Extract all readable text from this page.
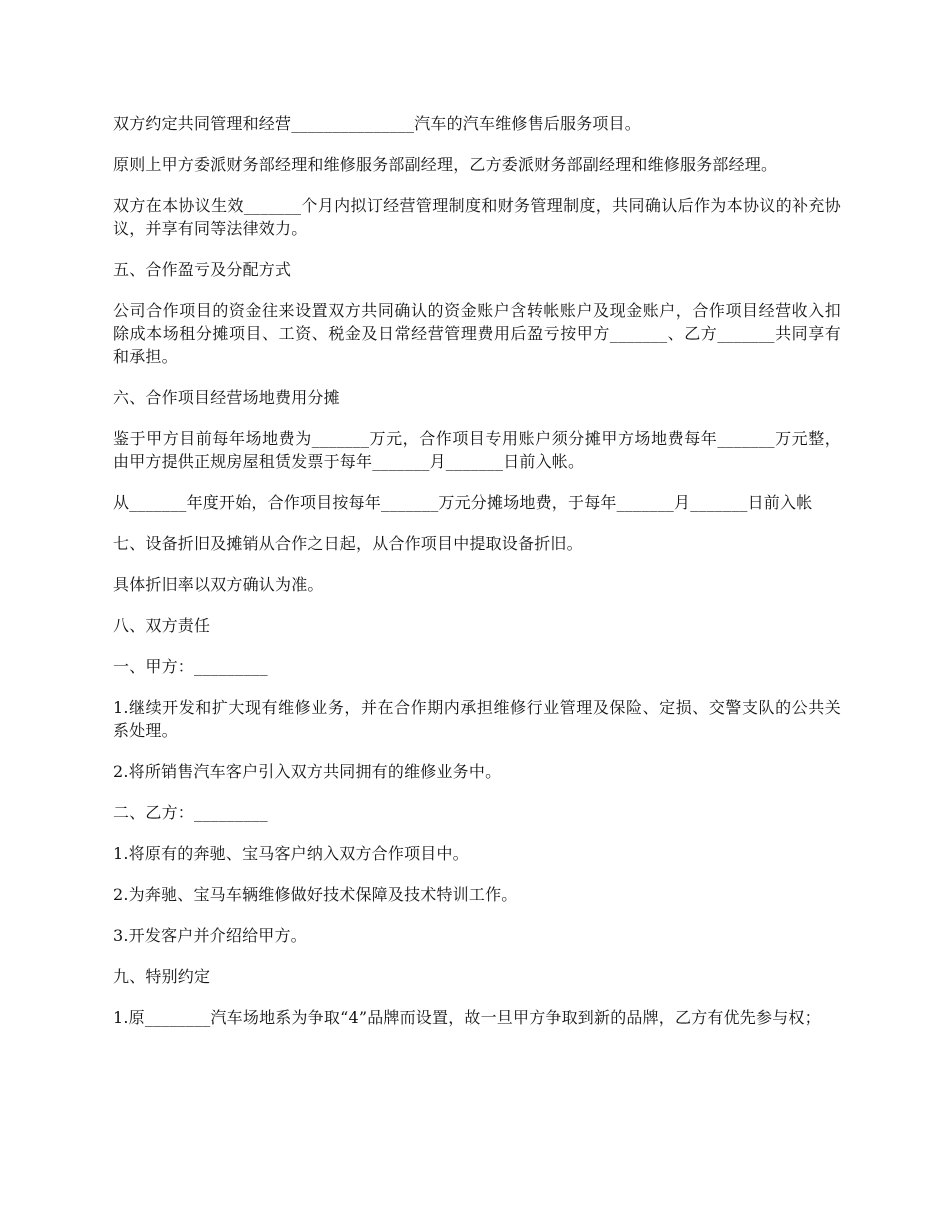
双方约定共同管理和经营_______________汽车的汽车维修售后服务项目。

原则上甲方委派财务部经理和维修服务部副经理，乙方委派财务部副经理和维修服务部经理。

双方在本协议生效_______个月内拟订经营管理制度和财务管理制度，共同确认后作为本协议的补充协议，并享有同等法律效力。

五、合作盈亏及分配方式

公司合作项目的资金往来设置双方共同确认的资金账户含转帐账户及现金账户，合作项目经营收入扣除成本场租分摊项目、工资、税金及日常经营管理费用后盈亏按甲方_______、乙方_______共同享有和承担。

六、合作项目经营场地费用分摊

鉴于甲方目前每年场地费为_______万元，合作项目专用账户须分摊甲方场地费每年_______万元整，由甲方提供正规房屋租赁发票于每年_______月_______日前入帐。

从_______年度开始，合作项目按每年_______万元分摊场地费，于每年_______月_______日前入帐

七、设备折旧及摊销从合作之日起，从合作项目中提取设备折旧。

具体折旧率以双方确认为准。

八、双方责任

一、甲方：_________

1.继续开发和扩大现有维修业务，并在合作期内承担维修行业管理及保险、定损、交警支队的公共关系处理。

2.将所销售汽车客户引入双方共同拥有的维修业务中。

二、乙方：_________

1.将原有的奔驰、宝马客户纳入双方合作项目中。

2.为奔驰、宝马车辆维修做好技术保障及技术特训工作。

3.开发客户并介绍给甲方。

九、特别约定

1.原________汽车场地系为争取“4”品牌而设置，故一旦甲方争取到新的品牌，乙方有优先参与权；
